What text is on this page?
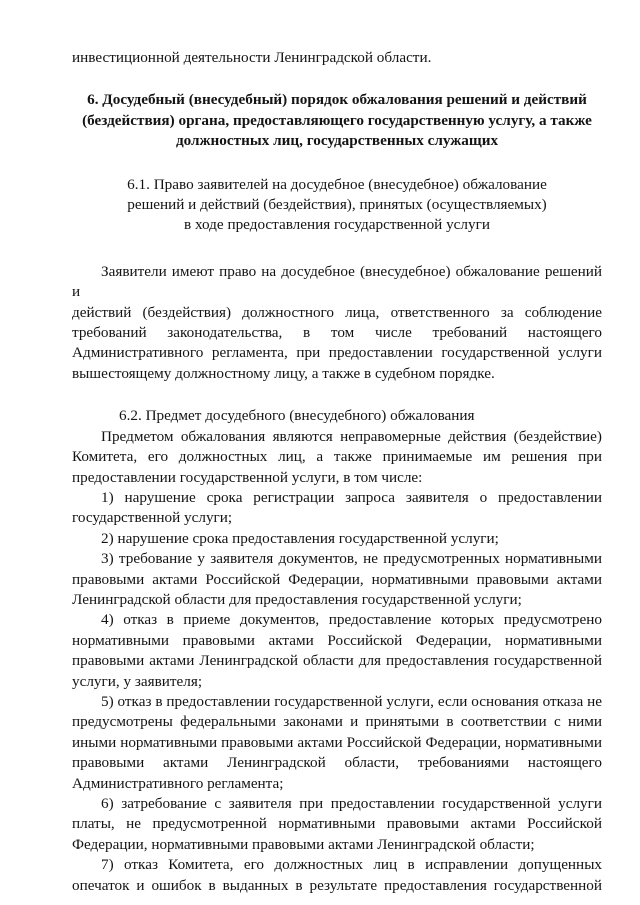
инвестиционной деятельности Ленинградской области.

6. Досудебный (внесудебный) порядок обжалования решений и действий
(бездействия) органа, предоставляющего государственную услугу, а также
должностных лиц, государственных служащих
6.1. Право заявителей на досудебное (внесудебное) обжалование
решений и действий (бездействия), принятых (осуществляемых)
в ходе предоставления государственной услуги

Заявители имеют право на досудебное (внесудебное) обжалование решений и

действий (бездействия) должностного лица, ответственного за соблюдение

требований законодательства, в том числе требований настоящего

Административного регламента, при предоставлении государственной услуги

вышестоящему должностному лицу, а также в судебном порядке.

6.2. Предмет досудебного (внесудебного) обжалования

Предметом обжалования являются неправомерные действия (бездействие)

Комитета, его должностных лиц, а также принимаемые им решения при

предоставлении государственной услуги, в том числе:

1) нарушение срока регистрации запроса заявителя о предоставлении

государственной услуги;

2) нарушение срока предоставления государственной услуги;

3) требование у заявителя документов, не предусмотренных нормативными

правовыми актами Российской Федерации, нормативными правовыми актами

Ленинградской области для предоставления государственной услуги;

4) отказ в приеме документов, предоставление которых предусмотрено

нормативными правовыми актами Российской Федерации, нормативными

правовыми актами Ленинградской области для предоставления государственной

услуги, у заявителя;

5) отказ в предоставлении государственной услуги, если основания отказа не

предусмотрены федеральными законами и принятыми в соответствии с ними

иными нормативными правовыми актами Российской Федерации, нормативными

правовыми актами Ленинградской области, требованиями настоящего

Административного регламента;

6) затребование с заявителя при предоставлении государственной услуги

платы, не предусмотренной нормативными правовыми актами Российской

Федерации, нормативными правовыми актами Ленинградской области;

7) отказ Комитета, его должностных лиц в исправлении допущенных

опечаток и ошибок в выданных в результате предоставления государственной
